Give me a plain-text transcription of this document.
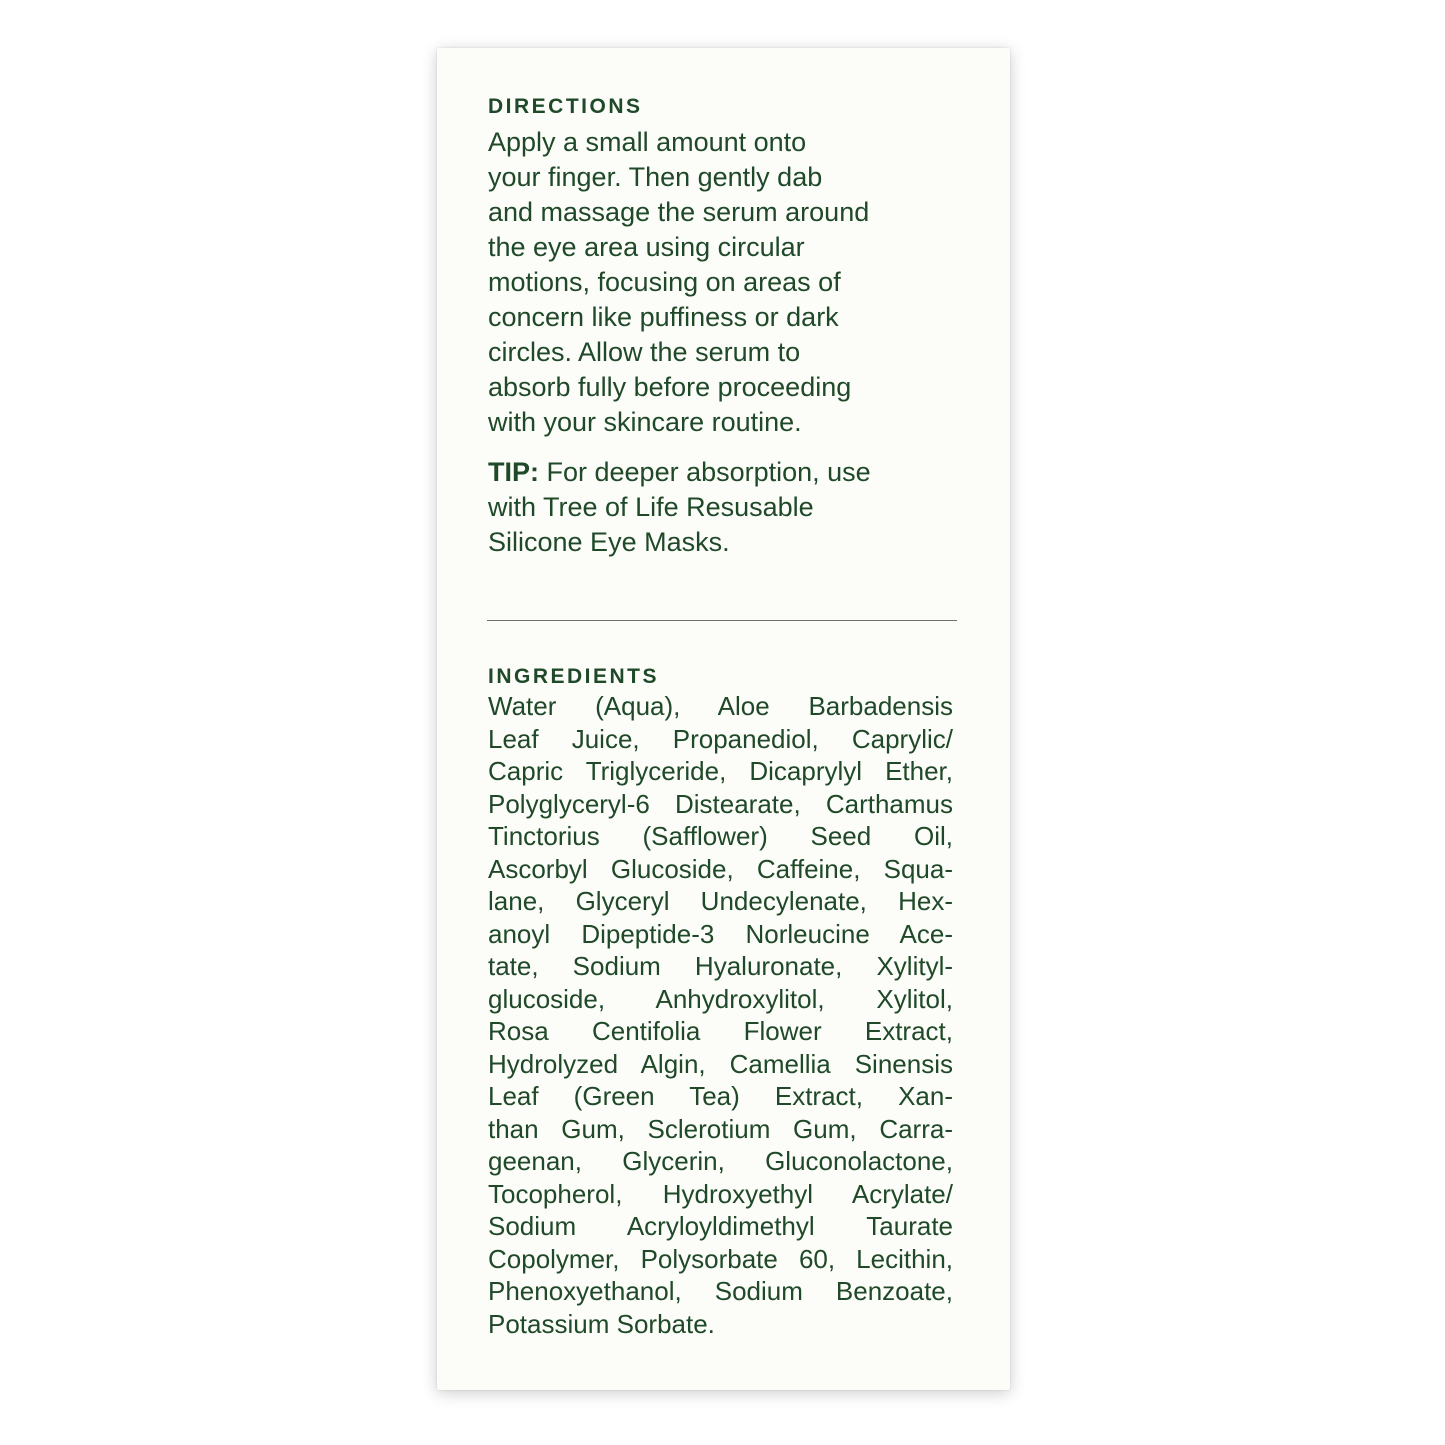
DIRECTIONS
Apply a small amount onto
your finger. Then gently dab
and massage the serum around
the eye area using circular
motions, focusing on areas of
concern like puffiness or dark
circles. Allow the serum to
absorb fully before proceeding
with your skincare routine.
TIP: For deeper absorption, use
with Tree of Life Resusable
Silicone Eye Masks.
INGREDIENTS
Water (Aqua), Aloe Barbadensis
Leaf Juice, Propanediol, Caprylic/
Capric Triglyceride, Dicaprylyl Ether,
Polyglyceryl-6 Distearate, Carthamus
Tinctorius (Safflower) Seed Oil,
Ascorbyl Glucoside, Caffeine, Squa-
lane, Glyceryl Undecylenate, Hex-
anoyl Dipeptide-3 Norleucine Ace-
tate, Sodium Hyaluronate, Xylityl-
glucoside, Anhydroxylitol, Xylitol,
Rosa Centifolia Flower Extract,
Hydrolyzed Algin, Camellia Sinensis
Leaf (Green Tea) Extract, Xan-
than Gum, Sclerotium Gum, Carra-
geenan, Glycerin, Gluconolactone,
Tocopherol, Hydroxyethyl Acrylate/
Sodium Acryloyldimethyl Taurate
Copolymer, Polysorbate 60, Lecithin,
Phenoxyethanol, Sodium Benzoate,
Potassium Sorbate.
